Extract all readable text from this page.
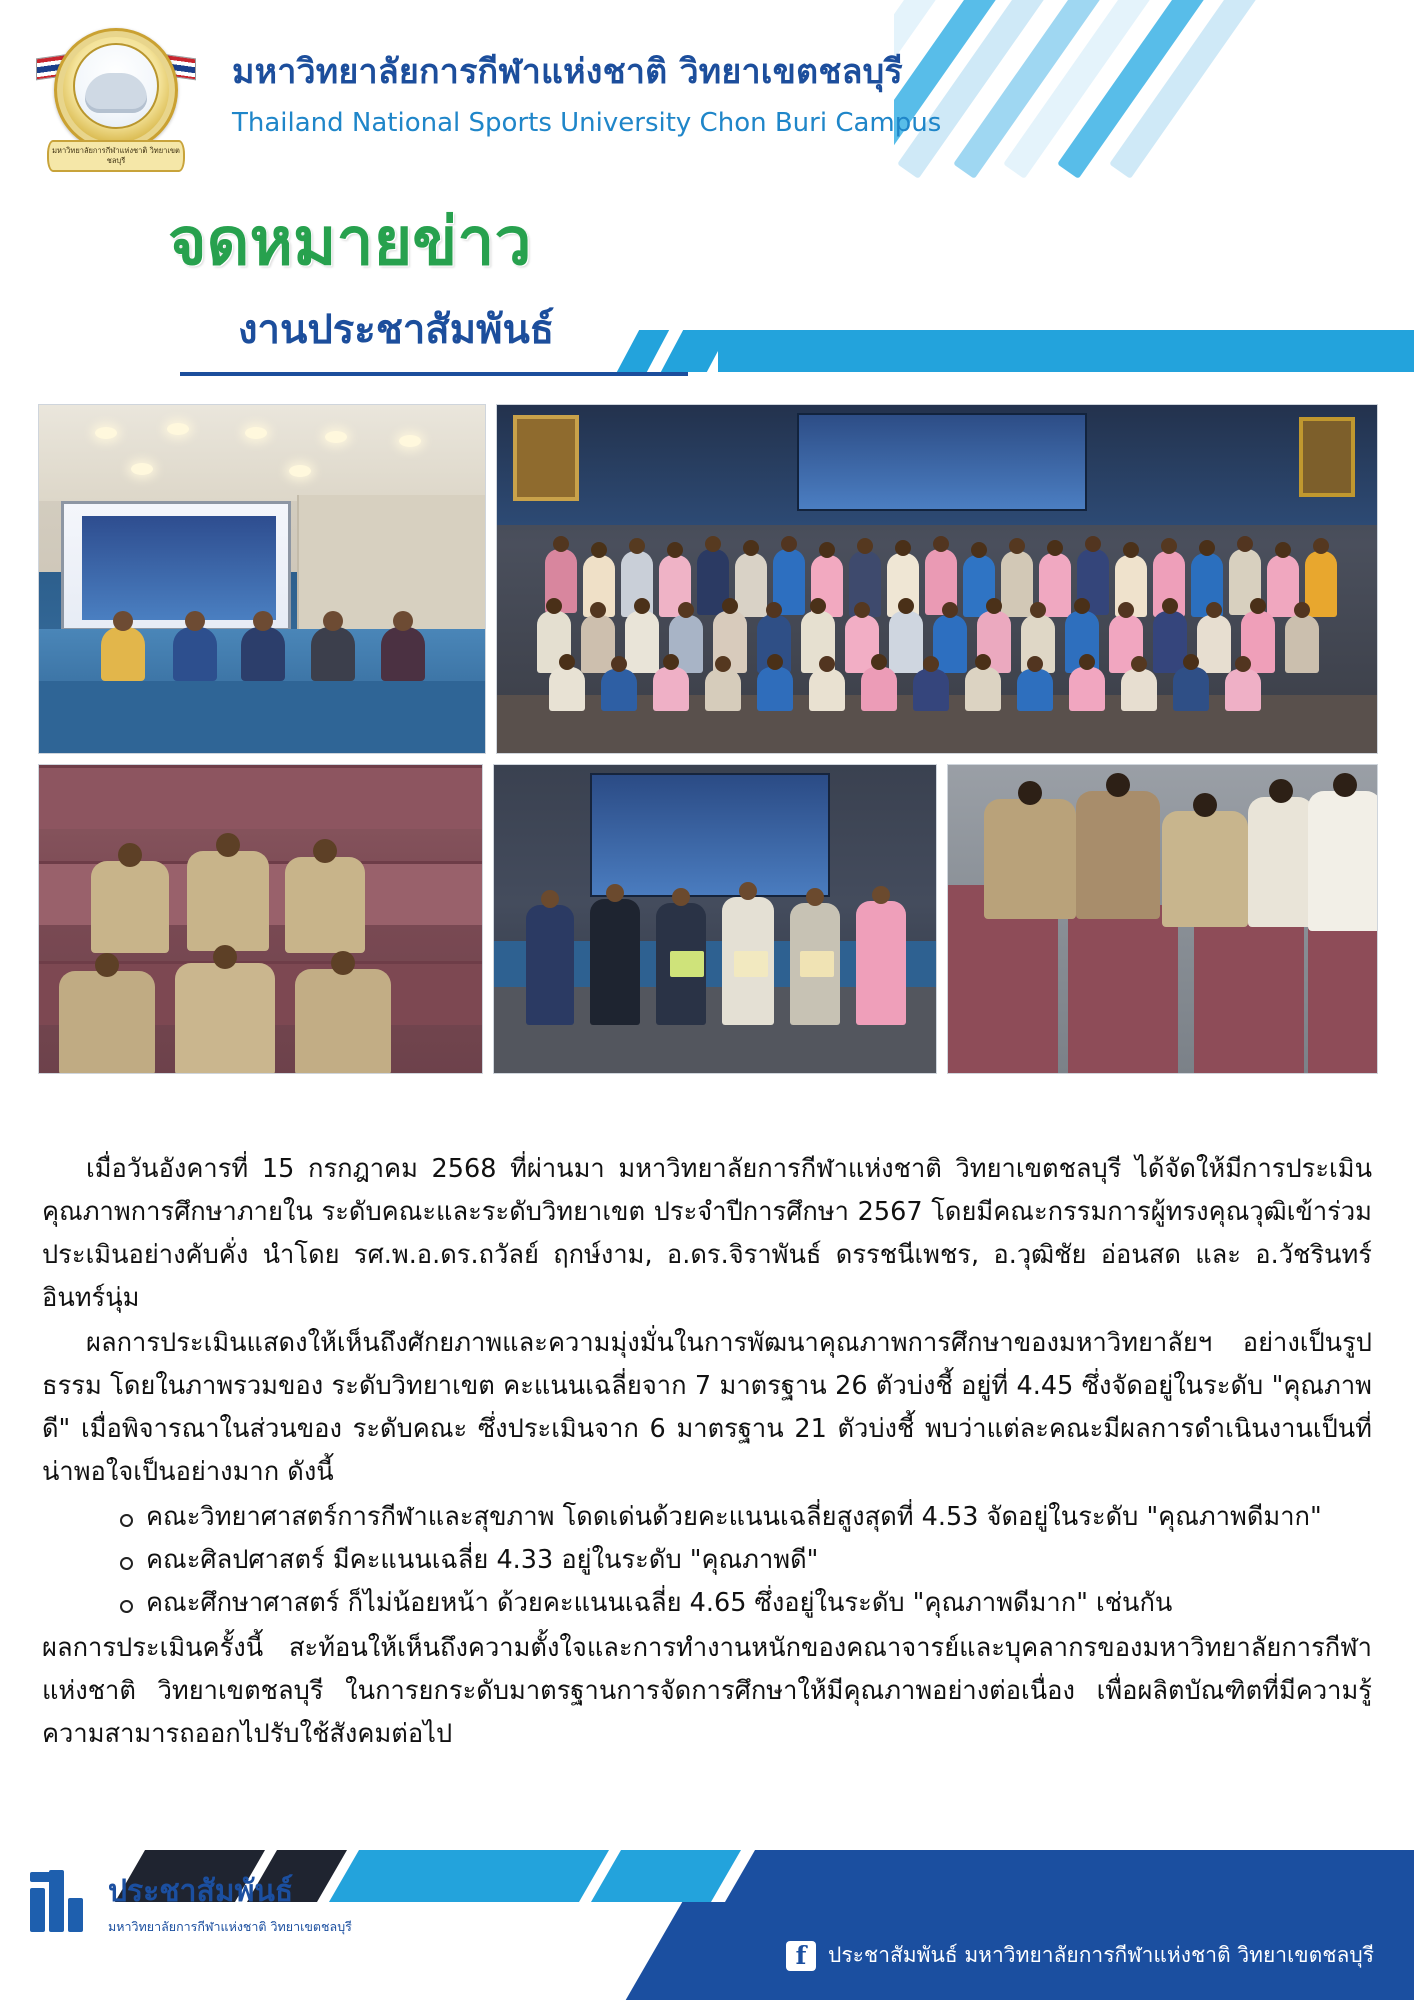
มหาวิทยาลัยการกีฬาแห่งชาติ วิทยาเขตชลบุรี
มหาวิทยาลัยการกีฬาแห่งชาติ วิทยาเขตชลบุรี
Thailand National Sports University Chon Buri Campus
จดหมายข่าว
งานประชาสัมพันธ์

เมื่อวันอังคารที่ 15 กรกฎาคม 2568 ที่ผ่านมา มหาวิทยาลัยการกีฬาแห่งชาติ วิทยาเขตชลบุรี ได้จัดให้มีการประเมินคุณภาพการศึกษาภายใน ระดับคณะและระดับวิทยาเขต ประจำปีการศึกษา 2567 โดยมีคณะกรรมการผู้ทรงคุณวุฒิเข้าร่วมประเมินอย่างคับคั่ง นำโดย รศ.พ.อ.ดร.ถวัลย์ ฤกษ์งาม, อ.ดร.จิราพันธ์ ดรรชนีเพชร, อ.วุฒิชัย อ่อนสด และ อ.วัชรินทร์ อินทร์นุ่ม

ผลการประเมินแสดงให้เห็นถึงศักยภาพและความมุ่งมั่นในการพัฒนาคุณภาพการศึกษาของมหาวิทยาลัยฯ อย่างเป็นรูปธรรม โดยในภาพรวมของ ระดับวิทยาเขต คะแนนเฉลี่ยจาก 7 มาตรฐาน 26 ตัวบ่งชี้ อยู่ที่ 4.45 ซึ่งจัดอยู่ในระดับ "คุณภาพดี" เมื่อพิจารณาในส่วนของ ระดับคณะ ซึ่งประเมินจาก 6 มาตรฐาน 21 ตัวบ่งชี้ พบว่าแต่ละคณะมีผลการดำเนินงานเป็นที่น่าพอใจเป็นอย่างมาก ดังนี้

คณะวิทยาศาสตร์การกีฬาและสุขภาพ โดดเด่นด้วยคะแนนเฉลี่ยสูงสุดที่ 4.53 จัดอยู่ในระดับ "คุณภาพดีมาก"
คณะศิลปศาสตร์ มีคะแนนเฉลี่ย 4.33 อยู่ในระดับ "คุณภาพดี"
คณะศึกษาศาสตร์ ก็ไม่น้อยหน้า ด้วยคะแนนเฉลี่ย 4.65 ซึ่งอยู่ในระดับ "คุณภาพดีมาก" เช่นกัน

ผลการประเมินครั้งนี้ สะท้อนให้เห็นถึงความตั้งใจและการทำงานหนักของคณาจารย์และบุคลากรของมหาวิทยาลัยการกีฬาแห่งชาติ วิทยาเขตชลบุรี ในการยกระดับมาตรฐานการจัดการศึกษาให้มีคุณภาพอย่างต่อเนื่อง เพื่อผลิตบัณฑิตที่มีความรู้ความสามารถออกไปรับใช้สังคมต่อไป

ประชาสัมพันธ์
มหาวิทยาลัยการกีฬาแห่งชาติ วิทยาเขตชลบุรี
f	ประชาสัมพันธ์ มหาวิทยาลัยการกีฬาแห่งชาติ วิทยาเขตชลบุรี
